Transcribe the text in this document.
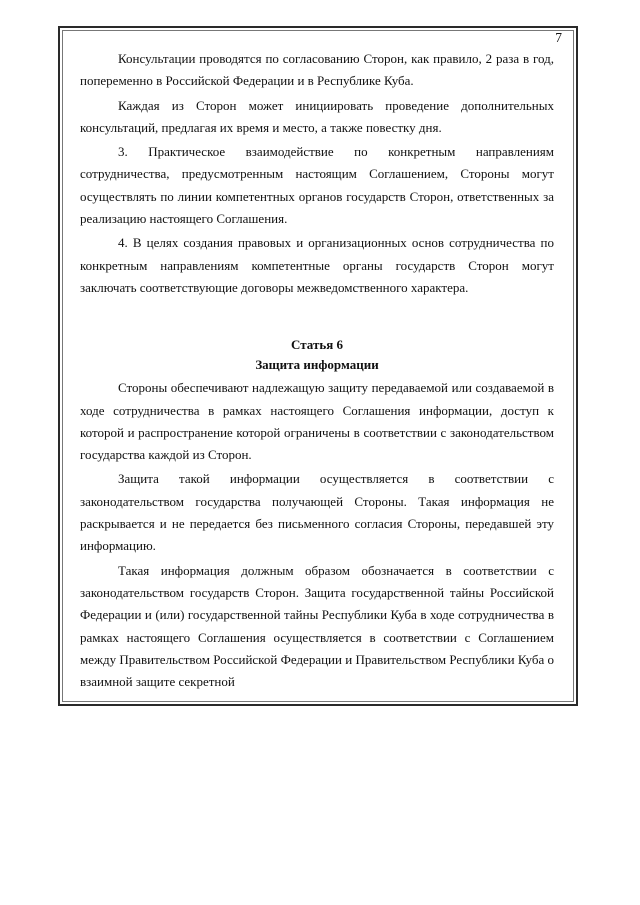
7

Консультации проводятся по согласованию Сторон, как правило, 2 раза в год, попеременно в Российской Федерации и в Республике Куба.

Каждая из Сторон может инициировать проведение дополнительных консультаций, предлагая их время и место, а также повестку дня.

3. Практическое взаимодействие по конкретным направлениям сотрудничества, предусмотренным настоящим Соглашением, Стороны могут осуществлять по линии компетентных органов государств Сторон, ответственных за реализацию настоящего Соглашения.

4. В целях создания правовых и организационных основ сотрудничества по конкретным направлениям компетентные органы государств Сторон могут заключать соответствующие договоры межведомственного характера.

Статья 6
Защита информации

Стороны обеспечивают надлежащую защиту передаваемой или создаваемой в ходе сотрудничества в рамках настоящего Соглашения информации, доступ к которой и распространение которой ограничены в соответствии с законодательством государства каждой из Сторон.

Защита такой информации осуществляется в соответствии с законодательством государства получающей Стороны. Такая информация не раскрывается и не передается без письменного согласия Стороны, передавшей эту информацию.

Такая информация должным образом обозначается в соответствии с законодательством государств Сторон. Защита государственной тайны Российской Федерации и (или) государственной тайны Республики Куба в ходе сотрудничества в рамках настоящего Соглашения осуществляется в соответствии с Соглашением между Правительством Российской Федерации и Правительством Республики Куба о взаимной защите секретной
